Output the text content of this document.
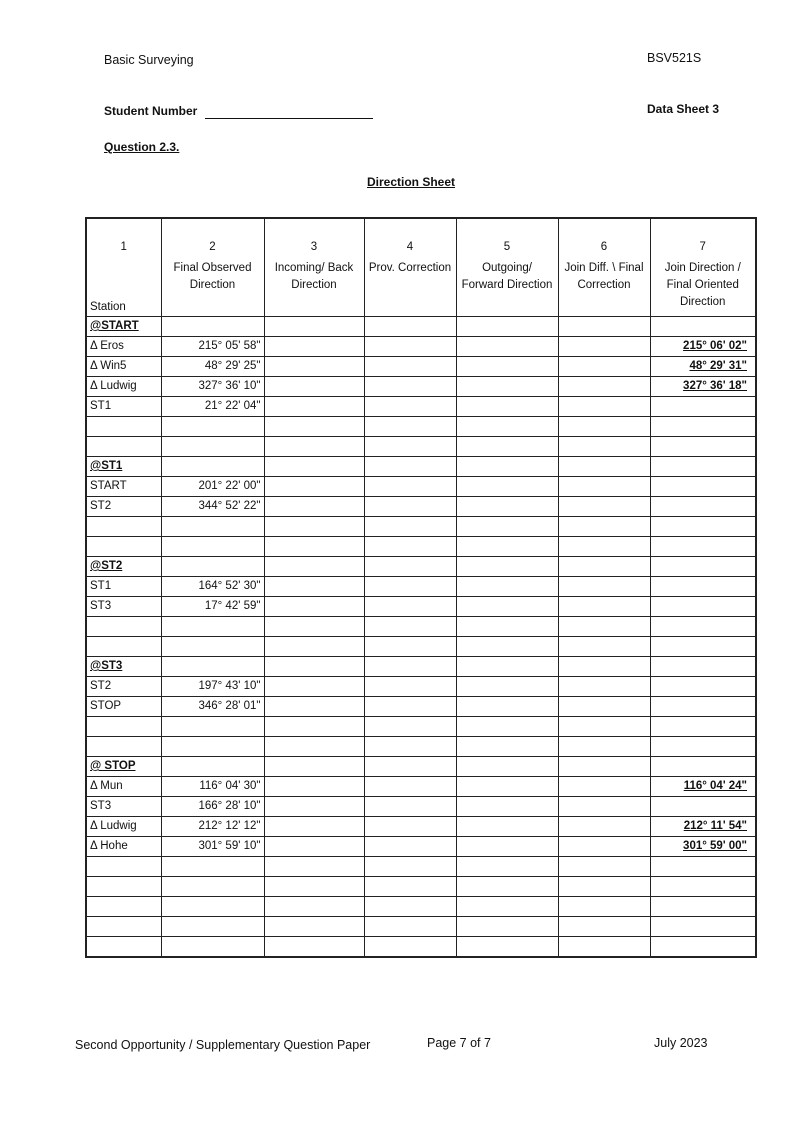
Basic Surveying	BSV521S
Student Number	Data Sheet 3
Question 2.3.
Direction Sheet
1	2	3	4	5	6	7
Station	Final Observed Direction	Incoming/ Back Direction	Prov. Correction	Outgoing/ Forward Direction	Join Diff. \ Final Correction	Join Direction / Final Oriented Direction
@START						
Δ Eros	215° 05' 58"					215° 06' 02"
Δ Win5	48° 29' 25"					48° 29' 31"
Δ Ludwig	327° 36' 10"					327° 36' 18"
ST1	21° 22' 04"					

@ST1						
START	201° 22' 00"					
ST2	344° 52' 22"					

@ST2						
ST1	164° 52' 30"					
ST3	17° 42' 59"					

@ST3						
ST2	197° 43' 10"					
STOP	346° 28' 01"					

@ STOP						
Δ Mun	116° 04' 30"					116° 04' 24"
ST3	166° 28' 10"					
Δ Ludwig	212° 12' 12"					212° 11' 54"
Δ Hohe	301° 59' 10"					301° 59' 00"

Second Opportunity / Supplementary Question Paper	Page 7 of 7	July 2023
